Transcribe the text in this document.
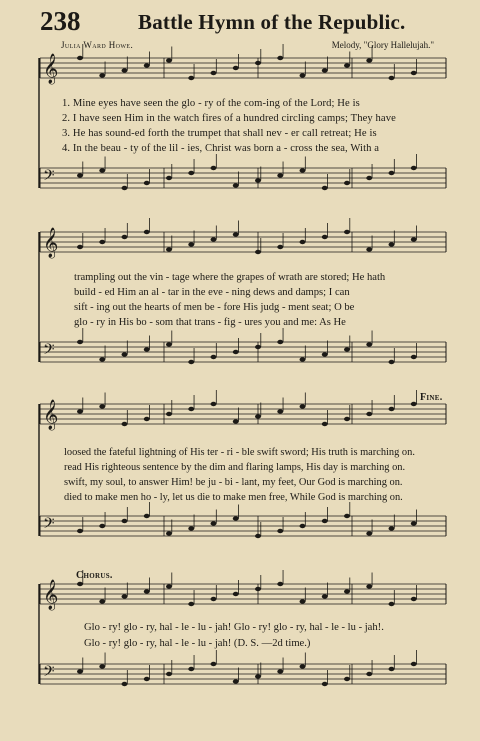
238	Battle Hymn of the Republic.
Julia Ward Howe.	Melody, "Glory Hallelujah."
𝄞
𝄢
𝄞
𝄢
𝄞
𝄢
𝄞
𝄢
1. Mine eyes have seen the glo - ry of the com-ing of the Lord; He is
2. I have seen Him in the watch fires of a hundred circling camps; They have
3. He has sound-ed forth the trumpet that shall nev - er call retreat; He is
4. In the beau - ty of the lil - ies, Christ was born a - cross the sea, With a
trampling out the vin - tage where the grapes of wrath are stored; He hath
build - ed Him an al - tar in the eve - ning dews and damps; I can
sift - ing out the hearts of men be - fore His judg - ment seat; O be
glo - ry in His bo - som that trans - fig - ures you and me: As He
Fine.
loosed the fateful lightning of His ter - ri - ble swift sword; His truth is marching on.
read His righteous sentence by the dim and flaring lamps, His day is marching on.
swift, my soul, to answer Him! be ju - bi - lant, my feet, Our God is marching on.
died to make men ho - ly, let us die to make men free, While God is marching on.
Chorus.
Glo - ry! glo - ry, hal - le - lu - jah! Glo - ry! glo - ry, hal - le - lu - jah!.
Glo - ry! glo - ry, hal - le - lu - jah! (D. S. —2d time.)
